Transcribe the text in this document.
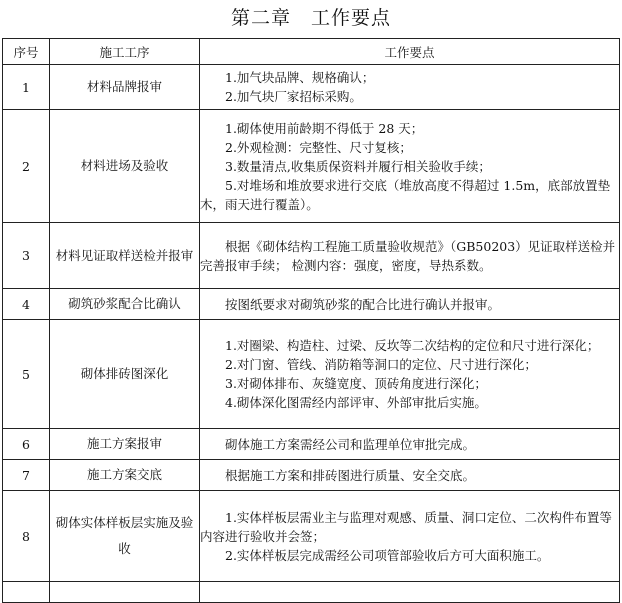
第二章　工作要点
序号	施工工序	工作要点
1	材料品牌报审	1.加气块品牌、规格确认；
2.加气块厂家招标采购。

2	材料进场及验收	1.砌体使用前龄期不得低于 28 天；
2.外观检测：完整性、尺寸复核；
3.数量清点,收集质保资料并履行相关验收手续；
5.对堆场和堆放要求进行交底（堆放高度不得超过 1.5m，底部放置垫木，雨天进行覆盖）。

3	材料见证取样送检并报审	根据《砌体结构工程施工质量验收规范》（GB50203）见证取样送检并完善报审手续； 检测内容：强度，密度，导热系数。

4	砌筑砂浆配合比确认	按图纸要求对砌筑砂浆的配合比进行确认并报审。

5	砌体排砖图深化	1.对圈梁、构造柱、过梁、反坎等二次结构的定位和尺寸进行深化；
2.对门窗、管线、消防箱等洞口的定位、尺寸进行深化；
3.对砌体排布、灰缝宽度、顶砖角度进行深化；
4.砌体深化图需经内部评审、外部审批后实施。

6	施工方案报审	砌体施工方案需经公司和监理单位审批完成。

7	施工方案交底	根据施工方案和排砖图进行质量、安全交底。

8	砌体实体样板层实施及验收	1.实体样板层需业主与监理对观感、质量、洞口定位、二次构件布置等内容进行验收并会签；
2.实体样板层完成需经公司项管部验收后方可大面积施工。
